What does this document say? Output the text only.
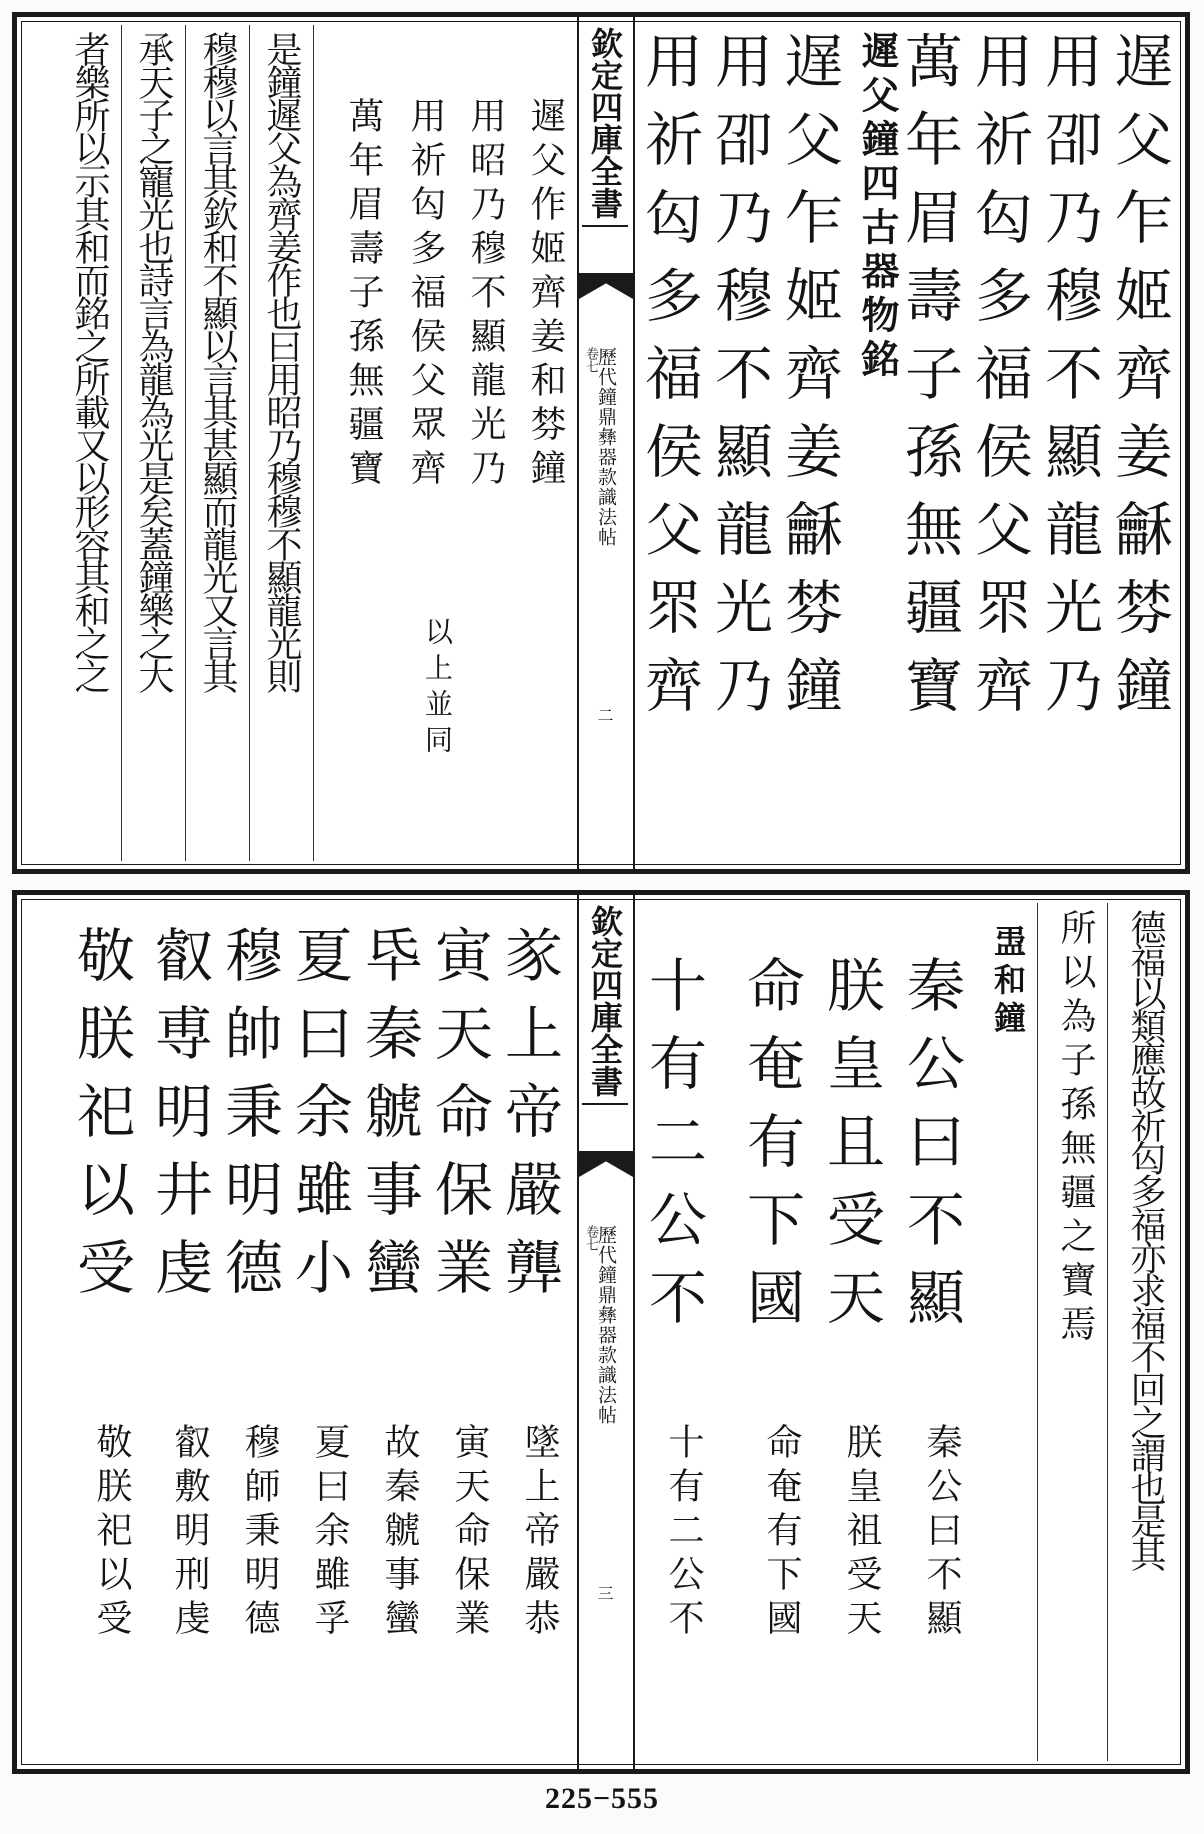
遅父乍姬齊姜龢棼鐘
用卲乃穆不顯龍光乃
用祈匃多福侯父眔齊
萬年眉壽子孫無疆寶
遲父鐘四古器物銘
遅父乍姬齊姜龢棼鐘
用卲乃穆不顯龍光乃
用祈匃多福侯父眔齊
欽定四庫全書
歷代鐘鼎彝器款識法帖
卷七
二
遲父作姬齊姜和棼鐘
用昭乃穆不顯龍光乃
用祈匃多福侯父眾齊
以上並同
萬年眉壽子孫無疆寶
是鐘遲父為齊姜作也曰用昭乃穆穆不顯龍光則
穆穆以言其欽和不顯以言其甚顯而龍光又言其
承天子之寵光也詩言為龍為光是矣蓋鐘樂之大
者樂所以示其和而銘之所載又以形容其和之之
德福以類應故祈匃多福亦求福不回之謂也是其
所以為子孫無疆之寶焉
盄和鐘
秦公曰不顯
秦公曰不顯
朕皇且受天
朕皇祖受天
命奄有下國
命奄有下國
十有二公不
十有二公不
欽定四庫全書
歷代鐘鼎彝器款識法帖
卷七
三
㒸上帝嚴龏
墜上帝嚴恭
寅天命保業
寅天命保業
氒秦虩事蠻
故秦虩事蠻
夏曰余雖小
夏曰余雖孚
穆帥秉明德
穆師秉明德
叡尃明井虔
叡敷明刑虔
敬朕祀以受
敬朕祀以受
225−555
